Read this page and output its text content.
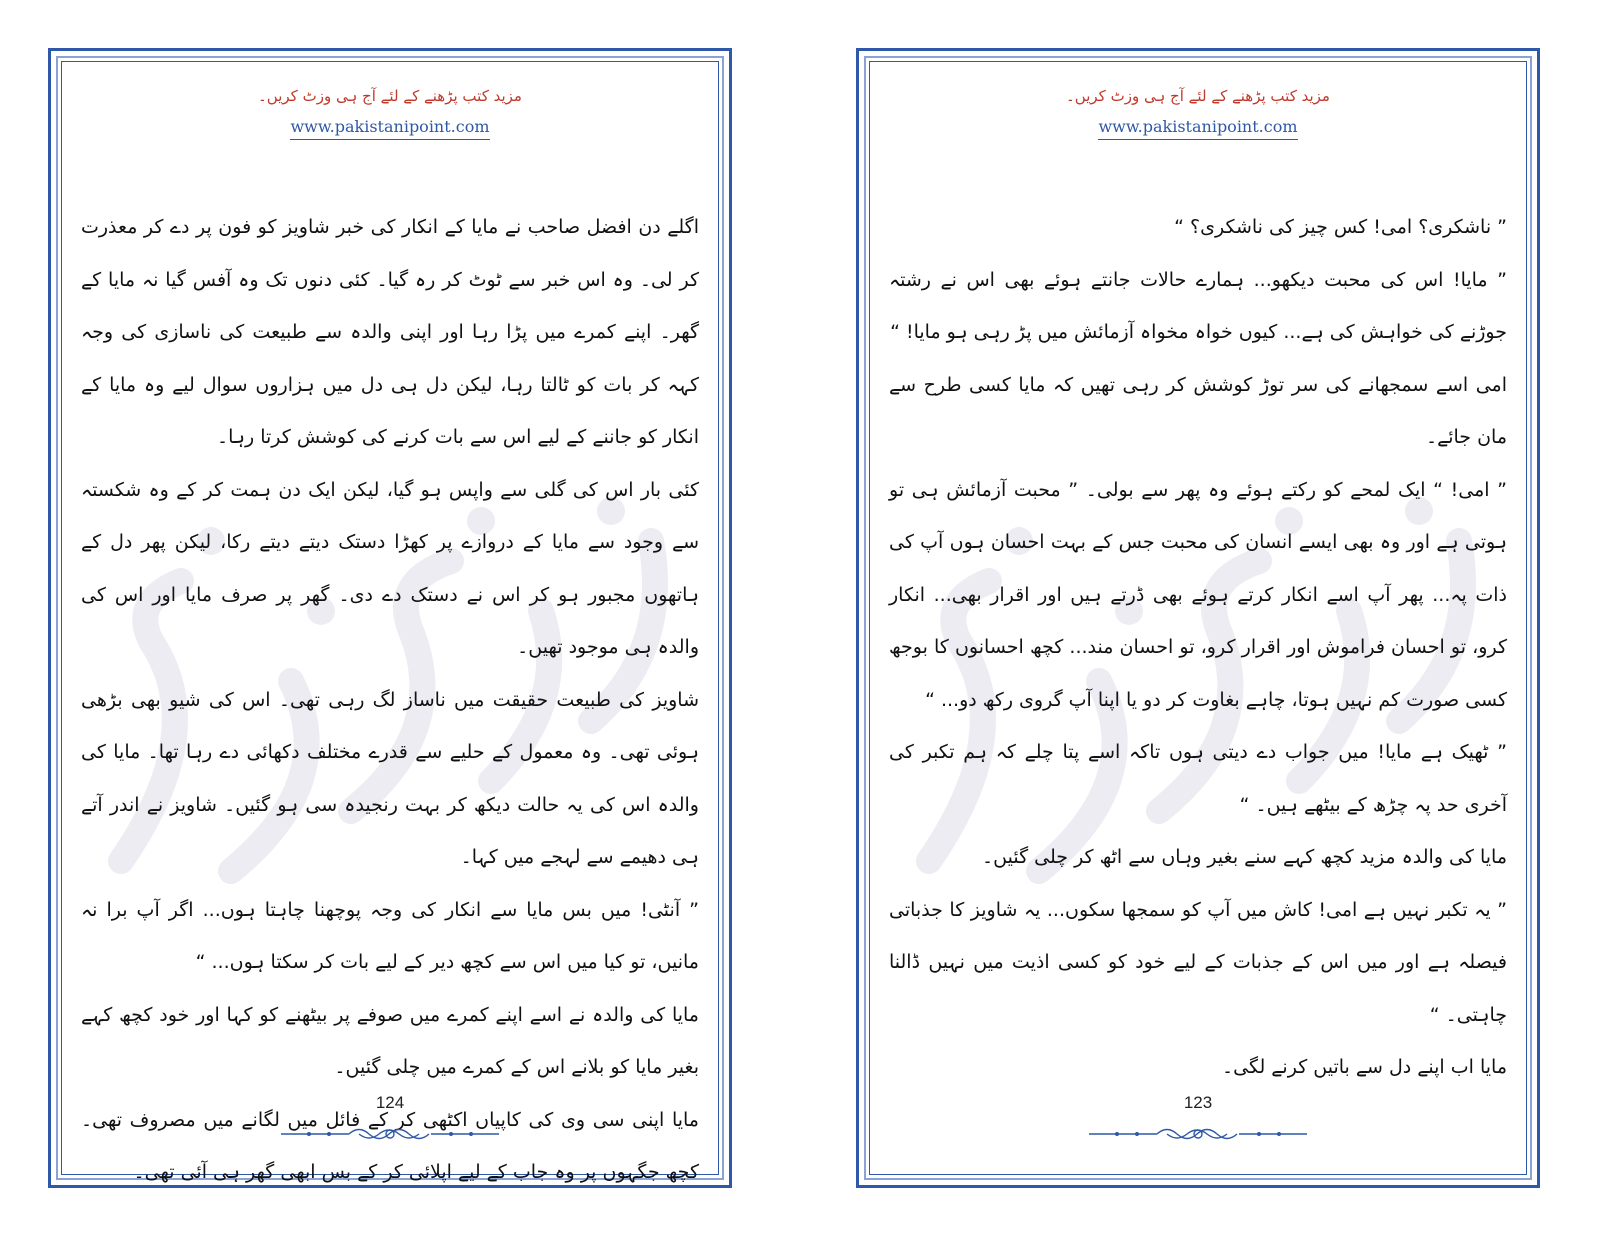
مزید کتب پڑھنے کے لئے آج ہی وزٹ کریں۔
www.pakistanipoint.com

اگلے دن افضل صاحب نے مایا کے انکار کی خبر شاویز کو فون پر دے کر معذرت کر لی۔ وہ اس خبر سے ٹوٹ کر رہ گیا۔ کئی دنوں تک وہ آفس گیا نہ مایا کے گھر۔ اپنے کمرے میں پڑا رہا اور اپنی والدہ سے طبیعت کی ناسازی کی وجہ کہہ کر بات کو ٹالتا رہا، لیکن دل ہی دل میں ہزاروں سوال لیے وہ مایا کے انکار کو جاننے کے لیے اس سے بات کرنے کی کوشش کرتا رہا۔

کئی بار اس کی گلی سے واپس ہو گیا، لیکن ایک دن ہمت کر کے وہ شکستہ سے وجود سے مایا کے دروازے پر کھڑا دستک دیتے دیتے رکا، لیکن پھر دل کے ہاتھوں مجبور ہو کر اس نے دستک دے دی۔ گھر پر صرف مایا اور اس کی والدہ ہی موجود تھیں۔

شاویز کی طبیعت حقیقت میں ناساز لگ رہی تھی۔ اس کی شیو بھی بڑھی ہوئی تھی۔ وہ معمول کے حلیے سے قدرے مختلف دکھائی دے رہا تھا۔ مایا کی والدہ اس کی یہ حالت دیکھ کر بہت رنجیدہ سی ہو گئیں۔ شاویز نے اندر آتے ہی دھیمے سے لہجے میں کہا۔

” آنٹی! میں بس مایا سے انکار کی وجہ پوچھنا چاہتا ہوں... اگر آپ برا نہ مانیں، تو کیا میں اس سے کچھ دیر کے لیے بات کر سکتا ہوں... “

مایا کی والدہ نے اسے اپنے کمرے میں صوفے پر بیٹھنے کو کہا اور خود کچھ کہے بغیر مایا کو بلانے اس کے کمرے میں چلی گئیں۔

مایا اپنی سی وی کی کاپیاں اکٹھی کر کے فائل میں لگانے میں مصروف تھی۔ کچھ جگہوں پر وہ جاب کے لیے اپلائی کر کے بس ابھی گھر ہی آئی تھی۔

124
مزید کتب پڑھنے کے لئے آج ہی وزٹ کریں۔
www.pakistanipoint.com

” ناشکری؟ امی! کس چیز کی ناشکری؟ “

” مایا! اس کی محبت دیکھو... ہمارے حالات جانتے ہوئے بھی اس نے رشتہ جوڑنے کی خواہش کی ہے... کیوں خواہ مخواہ آزمائش میں پڑ رہی ہو مایا! “

امی اسے سمجھانے کی سر توڑ کوشش کر رہی تھیں کہ مایا کسی طرح سے مان جائے۔

” امی! “ ایک لمحے کو رکتے ہوئے وہ پھر سے بولی۔ ” محبت آزمائش ہی تو ہوتی ہے اور وہ بھی ایسے انسان کی محبت جس کے بہت احسان ہوں آپ کی ذات پہ... پھر آپ اسے انکار کرتے ہوئے بھی ڈرتے ہیں اور اقرار بھی... انکار کرو، تو احسان فراموش اور اقرار کرو، تو احسان مند... کچھ احسانوں کا بوجھ کسی صورت کم نہیں ہوتا، چاہے بغاوت کر دو یا اپنا آپ گروی رکھ دو... “

” ٹھیک ہے مایا! میں جواب دے دیتی ہوں تاکہ اسے پتا چلے کہ ہم تکبر کی آخری حد پہ چڑھ کے بیٹھے ہیں۔ “

مایا کی والدہ مزید کچھ کہے سنے بغیر وہاں سے اٹھ کر چلی گئیں۔

” یہ تکبر نہیں ہے امی! کاش میں آپ کو سمجھا سکوں... یہ شاویز کا جذباتی فیصلہ ہے اور میں اس کے جذبات کے لیے خود کو کسی اذیت میں نہیں ڈالنا چاہتی۔ “

مایا اب اپنے دل سے باتیں کرنے لگی۔

123
